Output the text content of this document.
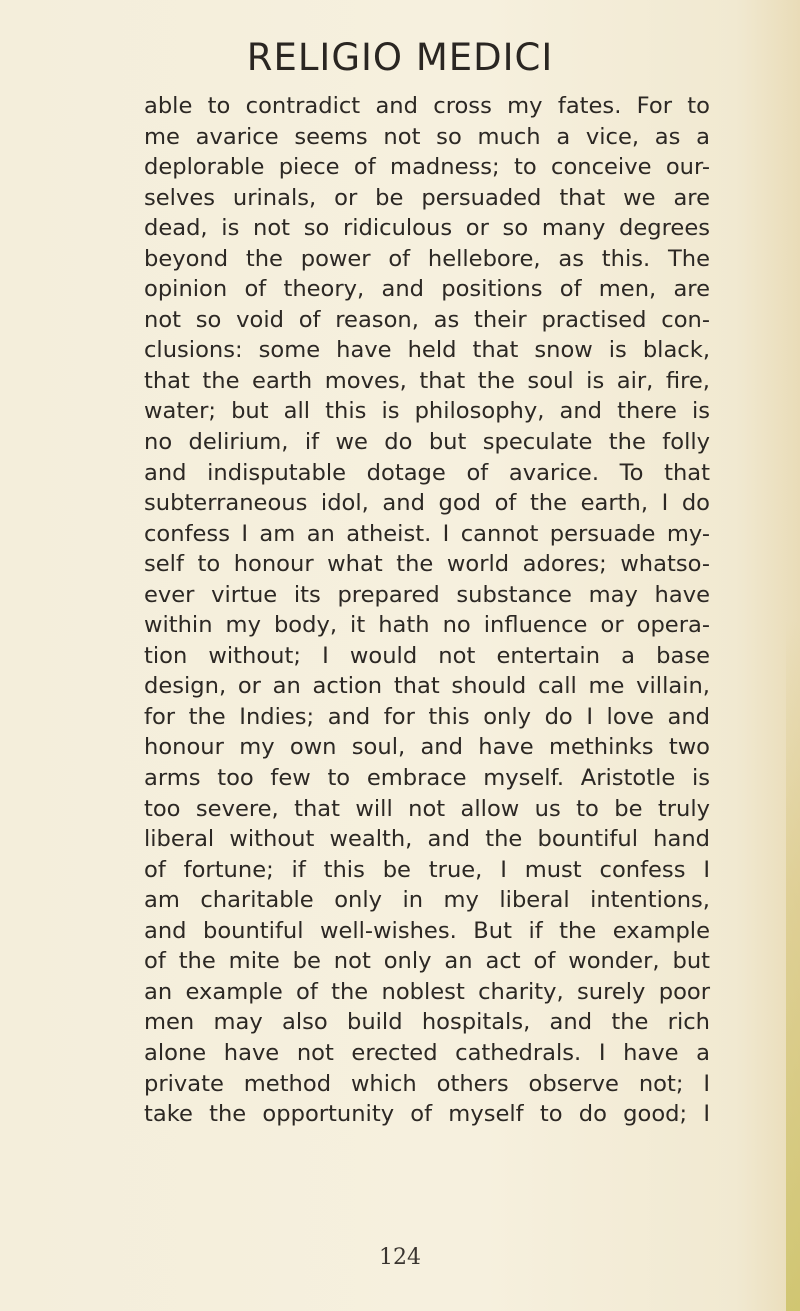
RELIGIO MEDICI
able to contradict and cross my fates. For to
me avarice seems not so much a vice, as a
deplorable piece of madness; to conceive our-
selves urinals, or be persuaded that we are
dead, is not so ridiculous or so many degrees
beyond the power of hellebore, as this. The
opinion of theory, and positions of men, are
not so void of reason, as their practised con-
clusions: some have held that snow is black,
that the earth moves, that the soul is air, fire,
water; but all this is philosophy, and there is
no delirium, if we do but speculate the folly
and indisputable dotage of avarice. To that
subterraneous idol, and god of the earth, I do
confess I am an atheist. I cannot persuade my-
self to honour what the world adores; whatso-
ever virtue its prepared substance may have
within my body, it hath no influence or opera-
tion without; I would not entertain a base
design, or an action that should call me villain,
for the Indies; and for this only do I love and
honour my own soul, and have methinks two
arms too few to embrace myself. Aristotle is
too severe, that will not allow us to be truly
liberal without wealth, and the bountiful hand
of fortune; if this be true, I must confess I
am charitable only in my liberal intentions,
and bountiful well-wishes. But if the example
of the mite be not only an act of wonder, but
an example of the noblest charity, surely poor
men may also build hospitals, and the rich
alone have not erected cathedrals. I have a
private method which others observe not; I
take the opportunity of myself to do good; I
124
